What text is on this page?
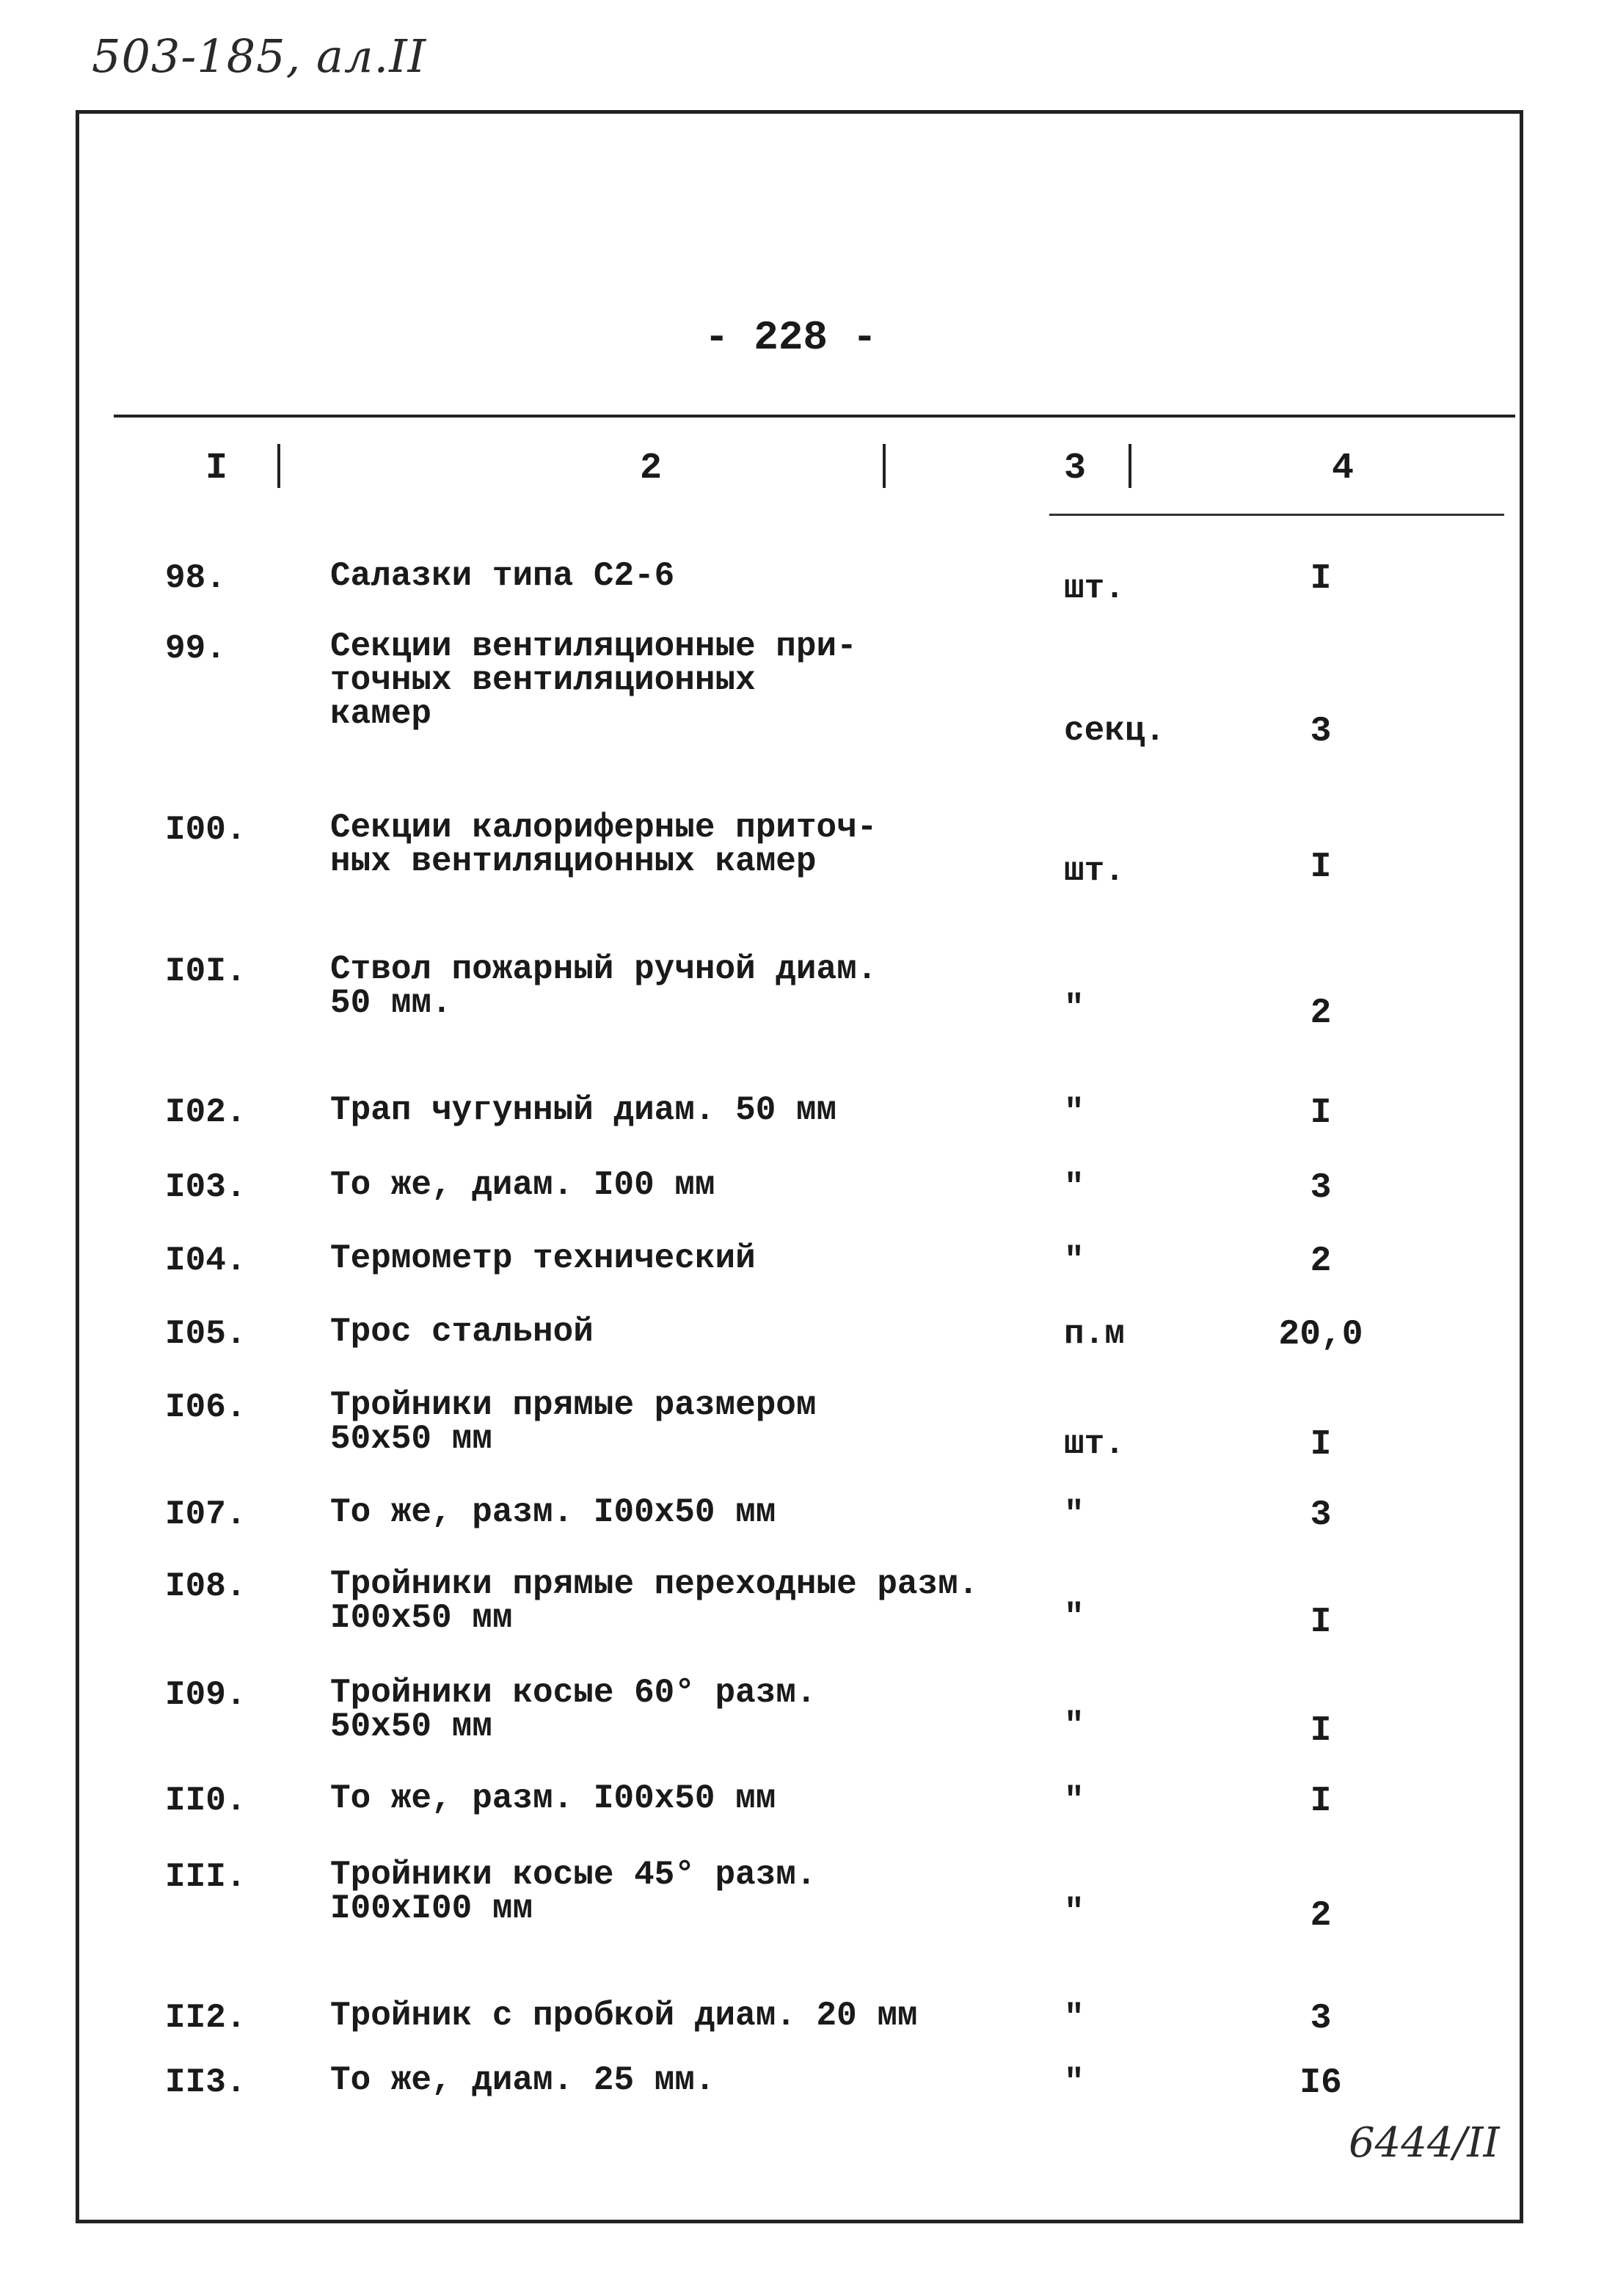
503-185, ал.II
- 228 -
I	2	3	4
98.	Салазки типа С2-6	шт.	I
99.	Секции вентиляционные при-
точных вентиляционных
камер	секц.	3
I00.	Секции калориферные приточ-
ных вентиляционных камер	шт.	I
I0I.	Ствол пожарный ручной диам.
50 мм.	"	2
I02.	Трап чугунный диам. 50 мм	"	I
I03.	То же, диам. I00 мм	"	3
I04.	Термометр технический	"	2
I05.	Трос стальной	п.м	20,0
I06.	Тройники прямые размером
50х50 мм	шт.	I
I07.	То же, разм. I00х50 мм	"	3
I08.	Тройники прямые переходные разм.
I00х50 мм	"	I
I09.	Тройники косые 60° разм.
50х50 мм	"	I
II0.	То же, разм. I00х50 мм	"	I
III.	Тройники косые 45° разм.
I00хI00 мм	"	2
II2.	Тройник с пробкой диам. 20 мм	"	3
II3.	То же, диам. 25 мм.	"	I6
6444/II
